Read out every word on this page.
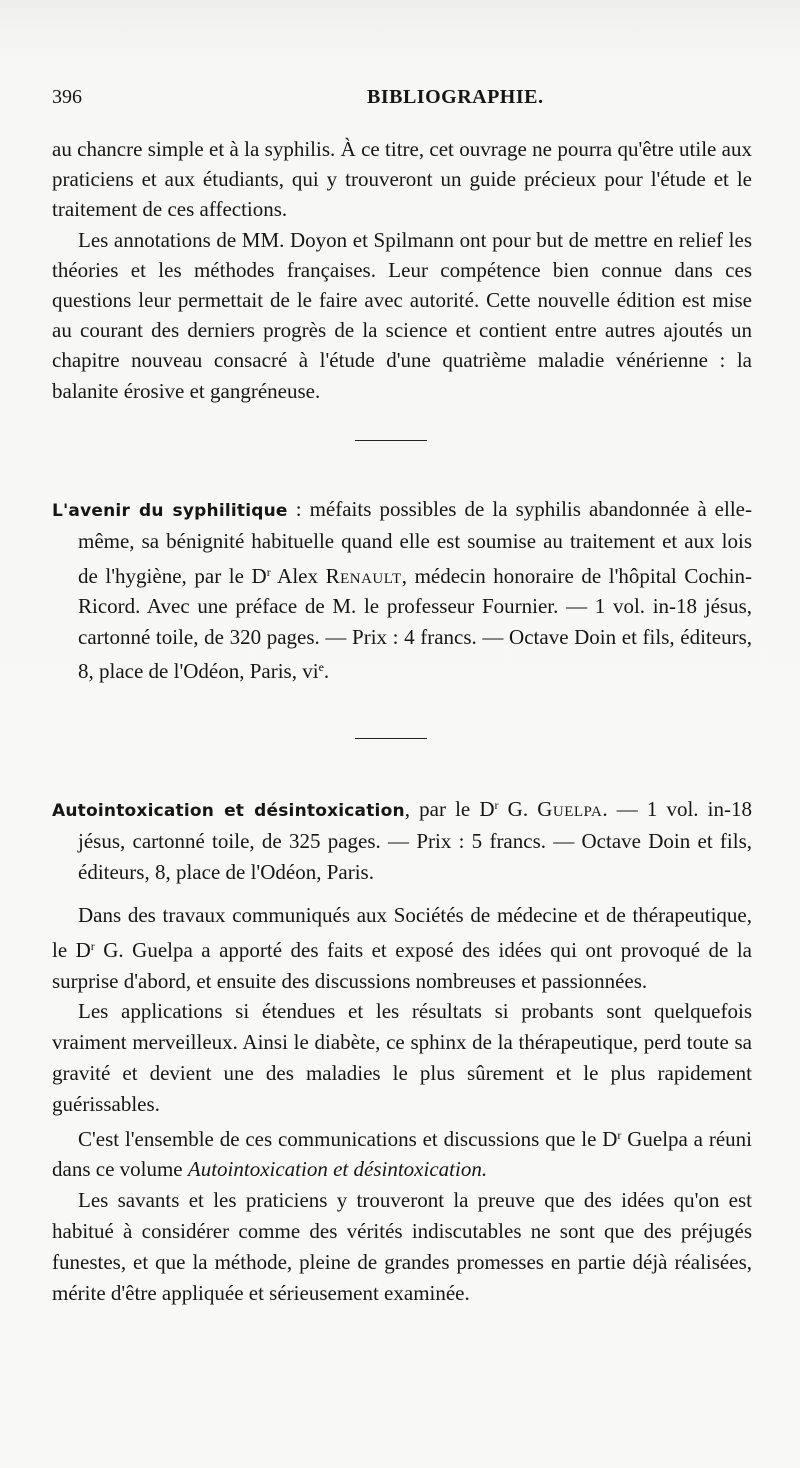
396	BIBLIOGRAPHIE.

au chancre simple et à la syphilis. À ce titre, cet ouvrage ne pourra qu'être utile aux praticiens et aux étudiants, qui y trouveront un guide précieux pour l'étude et le traitement de ces affections.

Les annotations de MM. Doyon et Spilmann ont pour but de mettre en relief les théories et les méthodes françaises. Leur compétence bien connue dans ces questions leur permettait de le faire avec autorité. Cette nouvelle édition est mise au courant des derniers progrès de la science et contient entre autres ajoutés un chapitre nouveau consacré à l'étude d'une quatrième maladie vénérienne : la balanite érosive et gangréneuse.

L'avenir du syphilitique : méfaits possibles de la syphilis abandonnée à elle-même, sa bénignité habituelle quand elle est soumise au traitement et aux lois de l'hygiène, par le $D^r$ Alex Renault, médecin honoraire de l'hôpital Cochin-Ricord. Avec une préface de M. le professeur Fournier. — 1 vol. in-18 jésus, cartonné toile, de 320 pages. — Prix : 4 francs. — Octave Doin et fils, éditeurs, 8, place de l'Odéon, Paris, $vi^e$.

Autointoxication et désintoxication, par le $D^r$ G. Guelpa. — 1 vol. in-18 jésus, cartonné toile, de 325 pages. — Prix : 5 francs. — Octave Doin et fils, éditeurs, 8, place de l'Odéon, Paris.

Dans des travaux communiqués aux Sociétés de médecine et de thérapeutique, le $D^r$ G. Guelpa a apporté des faits et exposé des idées qui ont provoqué de la surprise d'abord, et ensuite des discussions nombreuses et passionnées.

Les applications si étendues et les résultats si probants sont quelquefois vraiment merveilleux. Ainsi le diabète, ce sphinx de la thérapeutique, perd toute sa gravité et devient une des maladies le plus sûrement et le plus rapidement guérissables.

C'est l'ensemble de ces communications et discussions que le $D^r$ Guelpa a réuni dans ce volume Autointoxication et désintoxication.

Les savants et les praticiens y trouveront la preuve que des idées qu'on est habitué à considérer comme des vérités indiscutables ne sont que des préjugés funestes, et que la méthode, pleine de grandes promesses en partie déjà réalisées, mérite d'être appliquée et sérieusement examinée.
